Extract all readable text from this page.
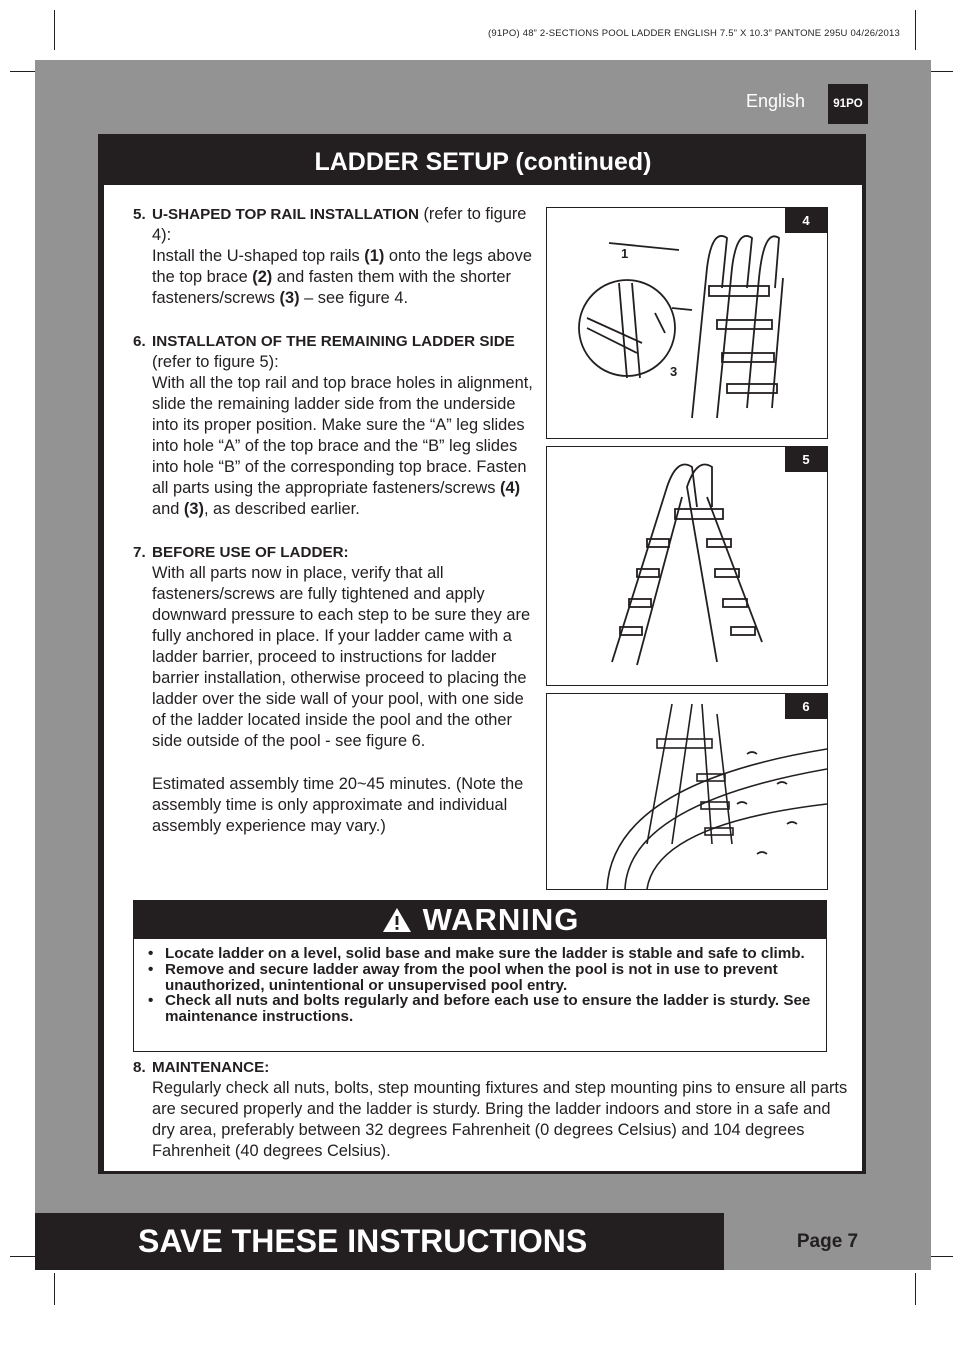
(91PO) 48” 2-SECTIONS POOL LADDER ENGLISH 7.5” X 10.3” PANTONE 295U 04/26/2013
English	91PO
LADDER SETUP (continued)
5. U-SHAPED TOP RAIL INSTALLATION (refer to figure 4):

Install the U-shaped top rails (1) onto the legs above the top brace (2) and fasten them with the shorter fasteners/screws (3) – see figure 4.

6. INSTALLATON OF THE REMAINING LADDER SIDE (refer to figure 5):

With all the top rail and top brace holes in alignment, slide the remaining ladder side from the underside into its proper position. Make sure the “A” leg slides into hole “A” of the top brace and the “B” leg slides into hole “B” of the corresponding top brace. Fasten all parts using the appropriate fasteners/screws (4) and (3), as described earlier.

7. BEFORE USE OF LADDER:

With all parts now in place, verify that all fasteners/screws are fully tightened and apply downward pressure to each step to be sure they are fully anchored in place. If your ladder came with a ladder barrier, proceed to instructions for ladder barrier installation, otherwise proceed to placing the ladder over the side wall of your pool, with one side of the ladder located inside the pool and the other side outside of the pool - see figure 6.

Estimated assembly time 20~45 minutes. (Note the assembly time is only approximate and individual assembly experience may vary.)

1
3
4
5
6
WARNING
• Locate ladder on a level, solid base and make sure the ladder is stable and safe to climb.
• Remove and secure ladder away from the pool when the pool is not in use to prevent unauthorized, unintentional or unsupervised pool entry.
• Check all nuts and bolts regularly and before each use to ensure the ladder is sturdy. See maintenance instructions.
8. MAINTENANCE:

Regularly check all nuts, bolts, step mounting fixtures and step mounting pins to ensure all parts are secured properly and the ladder is sturdy. Bring the ladder indoors and store in a safe and dry area, preferably between 32 degrees Fahrenheit (0 degrees Celsius) and 104 degrees Fahrenheit (40 degrees Celsius).

SAVE THESE INSTRUCTIONS	Page 7
